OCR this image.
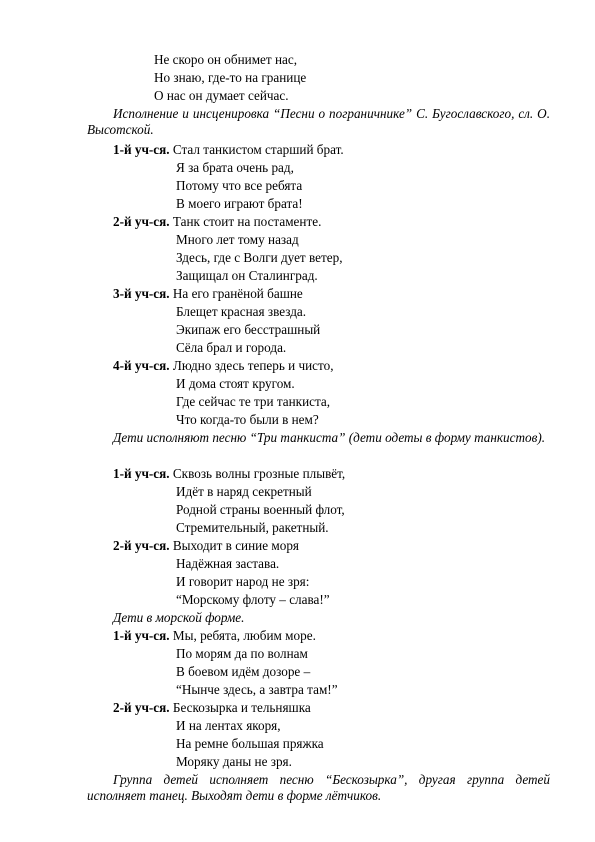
Не скоро он обнимет нас,
Но знаю, где-то на границе
О нас он думает сейчас.
Исполнение и инсценировка “Песни о пограничнике” С. Бугославского, сл. О. Высотской.
1-й уч-ся. Стал танкистом старший брат.
Я за брата очень рад,
Потому что все ребята
В моего играют брата!
2-й уч-ся. Танк стоит на постаменте.
Много лет тому назад
Здесь, где с Волги дует ветер,
Защищал он Сталинград.
3-й уч-ся. На его гранёной башне
Блещет красная звезда.
Экипаж его бесстрашный
Сёла брал и города.
4-й уч-ся. Людно здесь теперь и чисто,
И дома стоят кругом.
Где сейчас те три танкиста,
Что когда-то были в нем?
Дети исполняют песню “Три танкиста” (дети одеты в форму танкистов).
1-й уч-ся. Сквозь волны грозные плывёт,
Идёт в наряд секретный
Родной страны военный флот,
Стремительный, ракетный.
2-й уч-ся. Выходит в синие моря
Надёжная застава.
И говорит народ не зря:
“Морскому флоту – слава!”
Дети в морской форме.
1-й уч-ся. Мы, ребята, любим море.
По морям да по волнам
В боевом идём дозоре –
“Нынче здесь, а завтра там!”
2-й уч-ся. Бескозырка и тельняшка
И на лентах якоря,
На ремне большая пряжка
Моряку даны не зря.
Группа детей исполняет песню “Бескозырка”, другая группа детей исполняет танец. Выходят дети в форме лётчиков.
